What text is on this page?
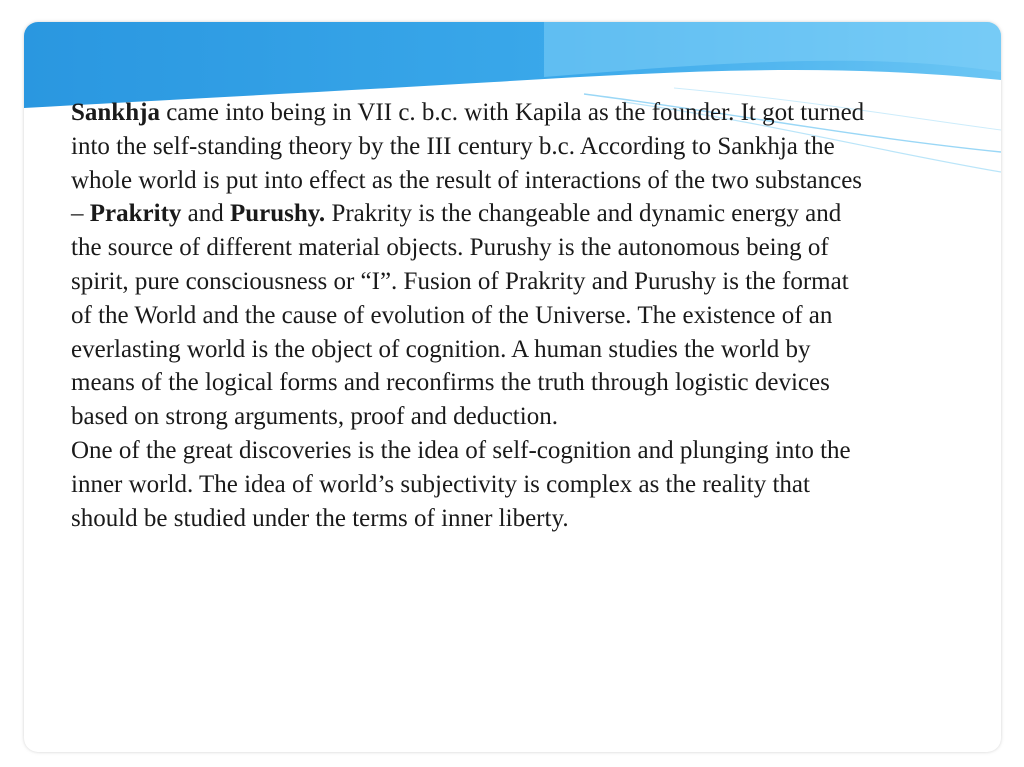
Sankhja came into being in VII c. b.c. with Kapila as the founder. It got turned into the self-standing theory by the III century b.c. According to Sankhja the whole world is put into effect as the result of interactions of the two substances – Prakrity and Purushy. Prakrity is the changeable and dynamic energy and the source of different material objects. Purushy is the autonomous being of spirit, pure consciousness or “I”. Fusion of Prakrity and Purushy is the format of the World and the cause of evolution of the Universe. The existence of an everlasting world is the object of cognition. A human studies the world by means of the logical forms and reconfirms the truth through logistic devices based on strong arguments, proof and deduction.
One of the great discoveries is the idea of self-cognition and plunging into the inner world. The idea of world’s subjectivity is complex as the reality that should be studied under the terms of inner liberty.
